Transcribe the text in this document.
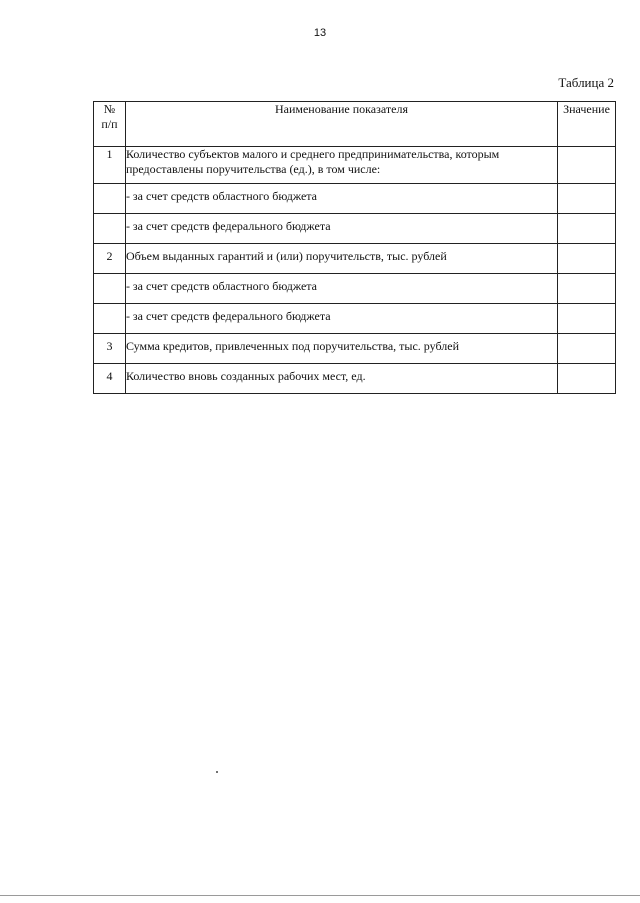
13
Таблица 2
№
п/п	Наименование показателя	Значение
1	Количество субъектов малого и среднего предпринимательства, которым предоставлены поручительства (ед.), в том числе:	
	- за счет средств областного бюджета	
	- за счет средств федерального бюджета	
2	Объем выданных гарантий и (или) поручительств, тыс. рублей	
	- за счет средств областного бюджета	
	- за счет средств федерального бюджета	
3	Сумма кредитов, привлеченных под поручительства, тыс. рублей	
4	Количество вновь созданных рабочих мест, ед.	
